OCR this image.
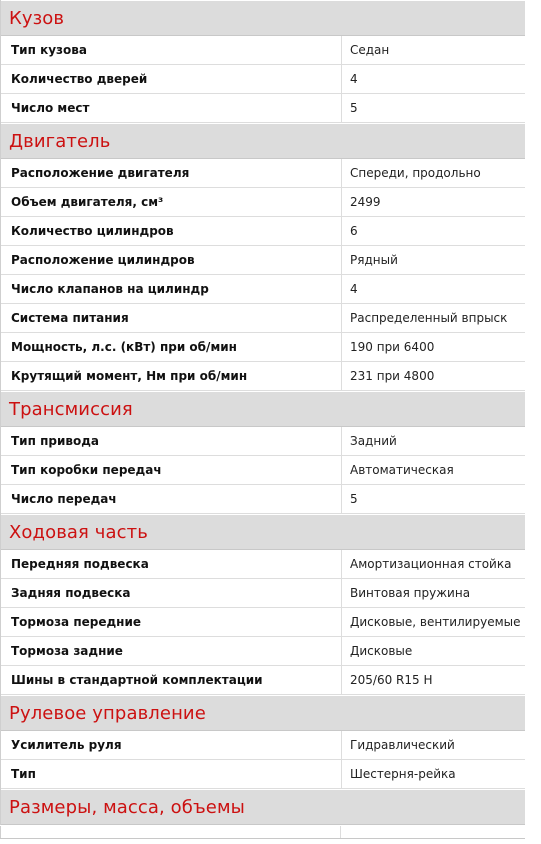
Кузов
Тип кузова	Седан
Количество дверей	4
Число мест	5
Двигатель
Расположение двигателя	Спереди, продольно
Объем двигателя, см³	2499
Количество цилиндров	6
Расположение цилиндров	Рядный
Число клапанов на цилиндр	4
Система питания	Распределенный впрыск
Мощность, л.с. (кВт) при об/мин	190 при 6400
Крутящий момент, Нм при об/мин	231 при 4800
Трансмиссия
Тип привода	Задний
Тип коробки передач	Автоматическая
Число передач	5
Ходовая часть
Передняя подвеска	Амортизационная стойка
Задняя подвеска	Винтовая пружина
Тормоза передние	Дисковые, вентилируемые
Тормоза задние	Дисковые
Шины в стандартной комплектации	205/60 R15 H
Рулевое управление
Усилитель руля	Гидравлический
Тип	Шестерня-рейка
Размеры, масса, объемы
